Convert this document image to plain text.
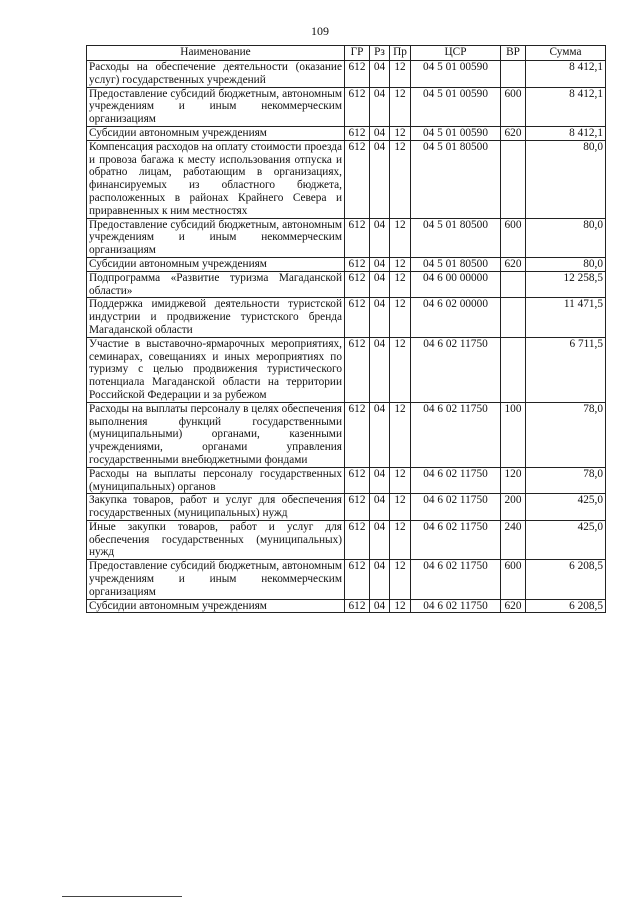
109
Наименование	ГР	Рз	Пр	ЦСР	ВР	Сумма

Расходы на обеспечение деятельности (оказание услуг) государственных учреждений	612	04	12	04 5 01 00590		8 412,1

Предоставление субсидий бюджетным, автономным учреждениям и иным некоммерческим организациям	612	04	12	04 5 01 00590	600	8 412,1

Субсидии автономным учреждениям	612	04	12	04 5 01 00590	620	8 412,1

Компенсация расходов на оплату стоимости проезда и провоза багажа к месту использования отпуска и обратно лицам, работающим в организациях, финансируемых из областного бюджета, расположенных в районах Крайнего Севера и приравненных к ним местностях	612	04	12	04 5 01 80500		80,0

Предоставление субсидий бюджетным, автономным учреждениям и иным некоммерческим организациям	612	04	12	04 5 01 80500	600	80,0

Субсидии автономным учреждениям	612	04	12	04 5 01 80500	620	80,0

Подпрограмма «Развитие туризма Магаданской области»	612	04	12	04 6 00 00000		12 258,5

Поддержка имиджевой деятельности туристской индустрии и продвижение туристского бренда Магаданской области	612	04	12	04 6 02 00000		11 471,5

Участие в выставочно-ярмарочных мероприятиях, семинарах, совещаниях и иных мероприятиях по туризму с целью продвижения туристического потенциала Магаданской области на территории Российской Федерации и за рубежом	612	04	12	04 6 02 11750		6 711,5

Расходы на выплаты персоналу в целях обеспечения выполнения функций государственными (муниципальными) органами, казенными учреждениями, органами управления государственными внебюджетными фондами	612	04	12	04 6 02 11750	100	78,0

Расходы на выплаты персоналу государственных (муниципальных) органов	612	04	12	04 6 02 11750	120	78,0

Закупка товаров, работ и услуг для обеспечения государственных (муниципальных) нужд	612	04	12	04 6 02 11750	200	425,0

Иные закупки товаров, работ и услуг для обеспечения государственных (муниципальных) нужд	612	04	12	04 6 02 11750	240	425,0

Предоставление субсидий бюджетным, автономным учреждениям и иным некоммерческим организациям	612	04	12	04 6 02 11750	600	6 208,5

Субсидии автономным учреждениям	612	04	12	04 6 02 11750	620	6 208,5
